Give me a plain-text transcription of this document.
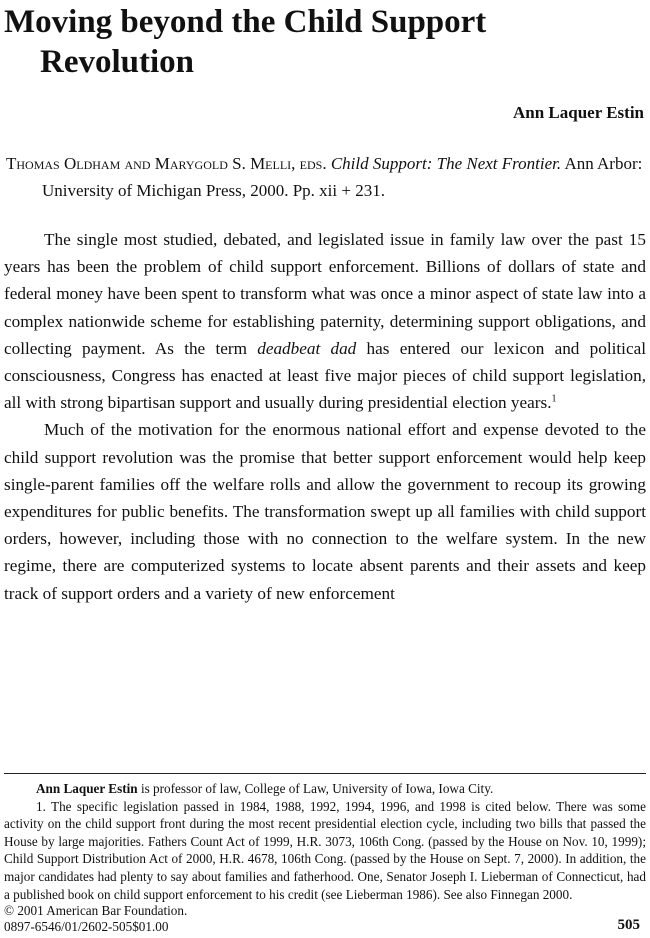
Moving beyond the Child Support
Revolution
Ann Laquer Estin

Thomas Oldham and Marygold S. Melli, eds. Child Support: The Next Frontier. Ann Arbor: University of Michigan Press, 2000. Pp. xii + 231.

The single most studied, debated, and legislated issue in family law over the past 15 years has been the problem of child support enforcement. Billions of dollars of state and federal money have been spent to transform what was once a minor aspect of state law into a complex nationwide scheme for establishing paternity, determining support obligations, and collecting payment. As the term deadbeat dad has entered our lexicon and political consciousness, Congress has enacted at least five major pieces of child support legislation, all with strong bipartisan support and usually during presidential election years.$^1$

Much of the motivation for the enormous national effort and expense devoted to the child support revolution was the promise that better support enforcement would help keep single-parent families off the welfare rolls and allow the government to recoup its growing expenditures for public benefits. The transformation swept up all families with child support orders, however, including those with no connection to the welfare system. In the new regime, there are computerized systems to locate absent parents and their assets and keep track of support orders and a variety of new enforcement

Ann Laquer Estin is professor of law, College of Law, University of Iowa, Iowa City.

1. The specific legislation passed in 1984, 1988, 1992, 1994, 1996, and 1998 is cited below. There was some activity on the child support front during the most recent presidential election cycle, including two bills that passed the House by large majorities. Fathers Count Act of 1999, H.R. 3073, 106th Cong. (passed by the House on Nov. 10, 1999); Child Support Distribution Act of 2000, H.R. 4678, 106th Cong. (passed by the House on Sept. 7, 2000). In addition, the major candidates had plenty to say about families and fatherhood. One, Senator Joseph I. Lieberman of Connecticut, had a published book on child support enforcement to his credit (see Lieberman 1986). See also Finnegan 2000.

© 2001 American Bar Foundation.
0897-6546/01/2602-505$01.00	505
